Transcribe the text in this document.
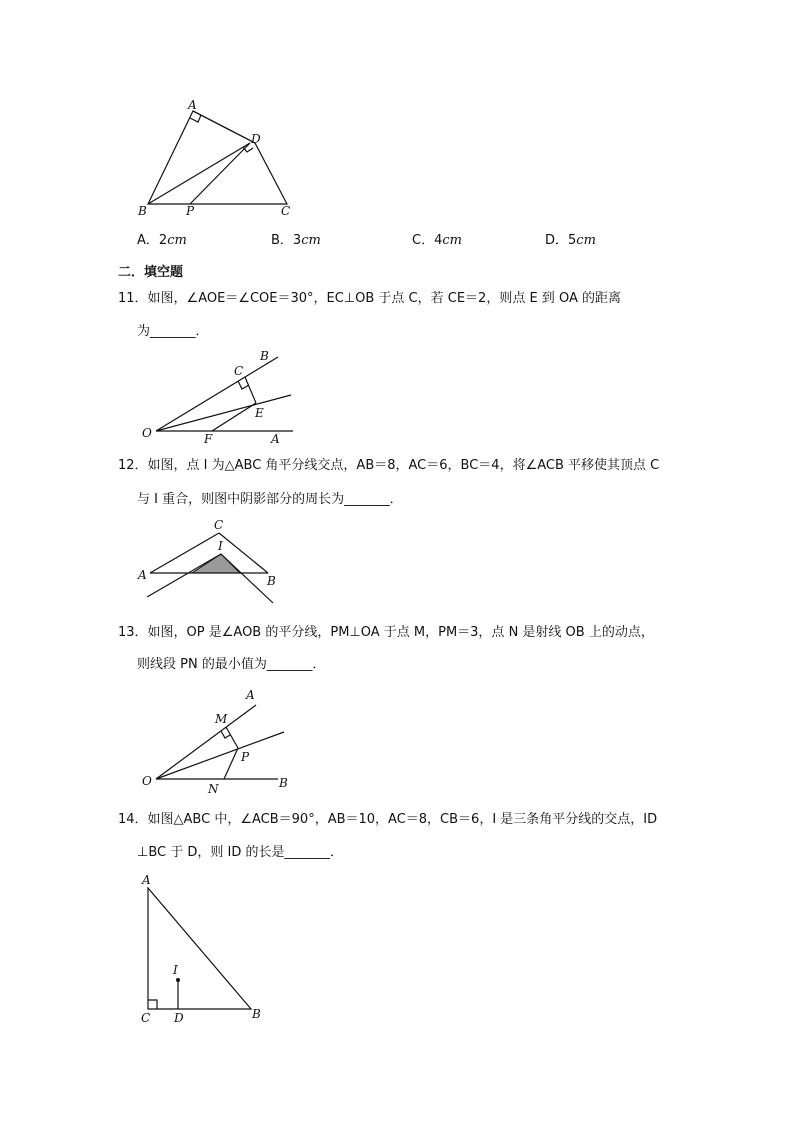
A
D
B	P	C
A．2cm	B．3cm	C．4cm	D．5cm
二．填空题
11．如图，∠AOE＝∠COE＝30°，EC⊥OB 于点 C，若 CE＝2，则点 E 到 OA 的距离
为_______．
B
C
E
O	F	A
12．如图，点 I 为△ABC 角平分线交点，AB＝8，AC＝6，BC＝4，将∠ACB 平移使其顶点 C
与 I 重合，则图中阴影部分的周长为_______．
C
I
A	B
13．如图，OP 是∠AOB 的平分线，PM⊥OA 于点 M，PM＝3，点 N 是射线 OB 上的动点，
则线段 PN 的最小值为_______．
A
M
P
O
N	B
14．如图△ABC 中，∠ACB＝90°，AB＝10，AC＝8，CB＝6，I 是三条角平分线的交点，ID
⊥BC 于 D，则 ID 的长是_______．
A
I
C D	B
